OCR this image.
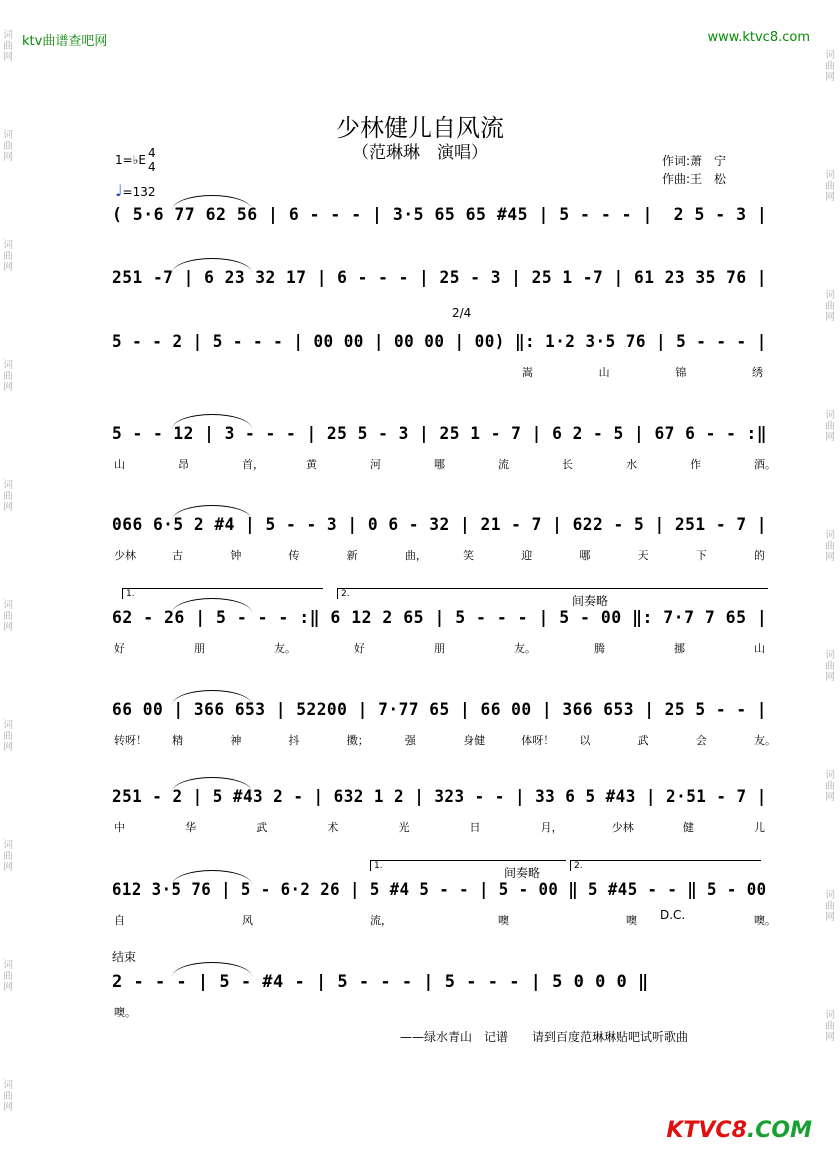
词曲网
词曲网
词曲网
词曲网
词曲网
词曲网
词曲网
词曲网
词曲网
词曲网
词曲网
词曲网
词曲网
词曲网
词曲网
词曲网
词曲网
词曲网
词曲网
ktv曲谱查吧网	www.ktvc8.com
少林健儿自风流
（范琳琳　演唱）
1=♭E 4
4
♩=132
作词:萧　宁
作曲:王　松
( 5·6 77 62 56 | 6 - - - | 3·5 65 65 #45 | 5 - - - |  2 5 - 3 |
251 -7 | 6 23 32 17 | 6 - - - | 25 - 3 | 25 1 -7 | 61 23 35 76 |
5 - - 2 | 5 - - - | 00 00 | 00 00 | 00) ‖: 1·2 3·5 76 | 5 - - - |
2/4
嵩	山	锦	绣
5 - - 12 | 3 - - - | 25 5 - 3 | 25 1 - 7 | 6 2 - 5 | 67 6 - - :‖
山	昂	首，	黄	河	哪	流	长	水	作	酒。
066 6·5 2 #4 | 5 - - 3 | 0 6 - 32 | 21 - 7 | 622 - 5 | 251 - 7 |
少林	古	钟	传	新	曲，	笑	迎	哪	天	下	的
62 - 26 | 5 - - - :‖ 6 12 2 65 | 5 - - - | 5 - 00 ‖: 7·7 7 65 |
间奏略
1.	2.
好	朋	友。	好	朋	友。	腾	挪	山
66 00 | 366 653 | 52200 | 7·77 65 | 66 00 | 366 653 | 25 5 - - |
转呀！ 精	神	抖	擞；	强	身健	体呀！ 以	武	会	友。
251 - 2 | 5 #43 2 - | 632 1 2 | 323 - - | 33 6 5 #43 | 2·51 - 7 |
中	华	武	术	光	日	月，	少林	健	儿
612 3·5 76 | 5 - 6·2 26 | 5 #4 5 - - | 5 - 00 ‖ 5 #45 - - ‖ 5 - 00
间奏略
1.	2.
D.C.
自	风	流，	噢	噢	噢。
2 - - - | 5 - #4 - | 5 - - - | 5 - - - | 5 0 0 0 ‖
结束
噢。
——绿水青山　记谱　　请到百度范琳琳贴吧试听歌曲
KTVC8.COM
